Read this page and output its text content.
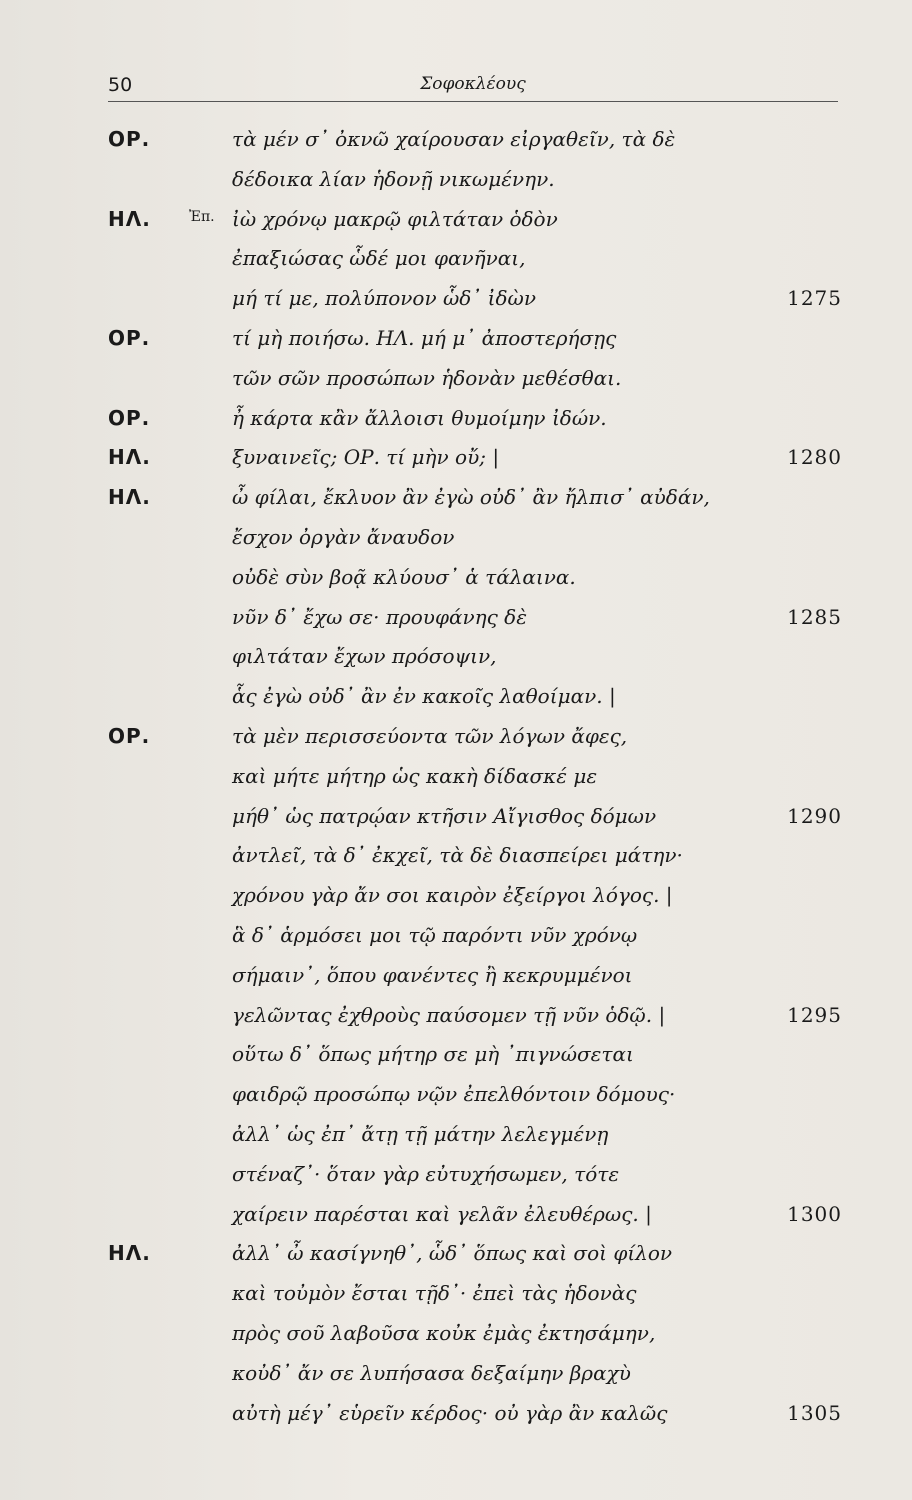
50	Σοφοκλέους
ΟΡ.	τὰ μέν σ᾽ ὀκνῶ χαίρουσαν εἰργαθεῖν, τὰ δὲ
δέδοικα λίαν ἡδονῇ νικωμένην.
ΗΛ.	Ἐπ. ἰὼ χρόνῳ μακρῷ φιλτάταν ὁδὸν
ἐπαξιώσας ὧδέ μοι φανῆναι,
μή τί με, πολύπονον ὧδ᾽ ἰδὼν	1275
ΟΡ.	τί μὴ ποιήσω. ΗΛ. μή μ᾽ ἀποστερήσῃς
τῶν σῶν προσώπων ἡδονὰν μεθέσθαι.
ΟΡ.	ἦ κάρτα κἂν ἄλλοισι θυμοίμην ἰδών.
ΗΛ.	ξυναινεῖς; ΟΡ. τί μὴν οὔ; |	1280
ΗΛ.	ὦ φίλαι, ἔκλυον ἂν ἐγὼ οὐδ᾽ ἂν ἤλπισ᾽ αὐδάν,
ἔσχον ὀργὰν ἄναυδον
οὐδὲ σὺν βοᾷ κλύουσ᾽ ἁ τάλαινα.
νῦν δ᾽ ἔχω σε· προυφάνης δὲ	1285
φιλτάταν ἔχων πρόσοψιν,
ἇς ἐγὼ οὐδ᾽ ἂν ἐν κακοῖς λαθοίμαν. |
ΟΡ.	τὰ μὲν περισσεύοντα τῶν λόγων ἄφες,
καὶ μήτε μήτηρ ὡς κακὴ δίδασκέ με
μήθ᾽ ὡς πατρῴαν κτῆσιν Αἴγισθος δόμων	1290
ἀντλεῖ, τὰ δ᾽ ἐκχεῖ, τὰ δὲ διασπείρει μάτην·
χρόνου γὰρ ἄν σοι καιρὸν ἐξείργοι λόγος. |
ἃ δ᾽ ἁρμόσει μοι τῷ παρόντι νῦν χρόνῳ
σήμαιν᾽, ὅπου φανέντες ἢ κεκρυμμένοι
γελῶντας ἐχθροὺς παύσομεν τῇ νῦν ὁδῷ. |	1295
οὕτω δ᾽ ὅπως μήτηρ σε μὴ ᾽πιγνώσεται
φαιδρῷ προσώπῳ νῷν ἐπελθόντοιν δόμους·
ἀλλ᾽ ὡς ἐπ᾽ ἄτῃ τῇ μάτην λελεγμένῃ
στέναζ᾽· ὅταν γὰρ εὐτυχήσωμεν, τότε
χαίρειν παρέσται καὶ γελᾶν ἐλευθέρως. |	1300
ΗΛ.	ἀλλ᾽ ὦ κασίγνηθ᾽, ὧδ᾽ ὅπως καὶ σοὶ φίλον
καὶ τοὐμὸν ἔσται τῇδ᾽· ἐπεὶ τὰς ἡδονὰς
πρὸς σοῦ λαβοῦσα κοὐκ ἐμὰς ἐκτησάμην,
κοὐδ᾽ ἄν σε λυπήσασα δεξαίμην βραχὺ
αὐτὴ μέγ᾽ εὑρεῖν κέρδος· οὐ γὰρ ἂν καλῶς	1305
